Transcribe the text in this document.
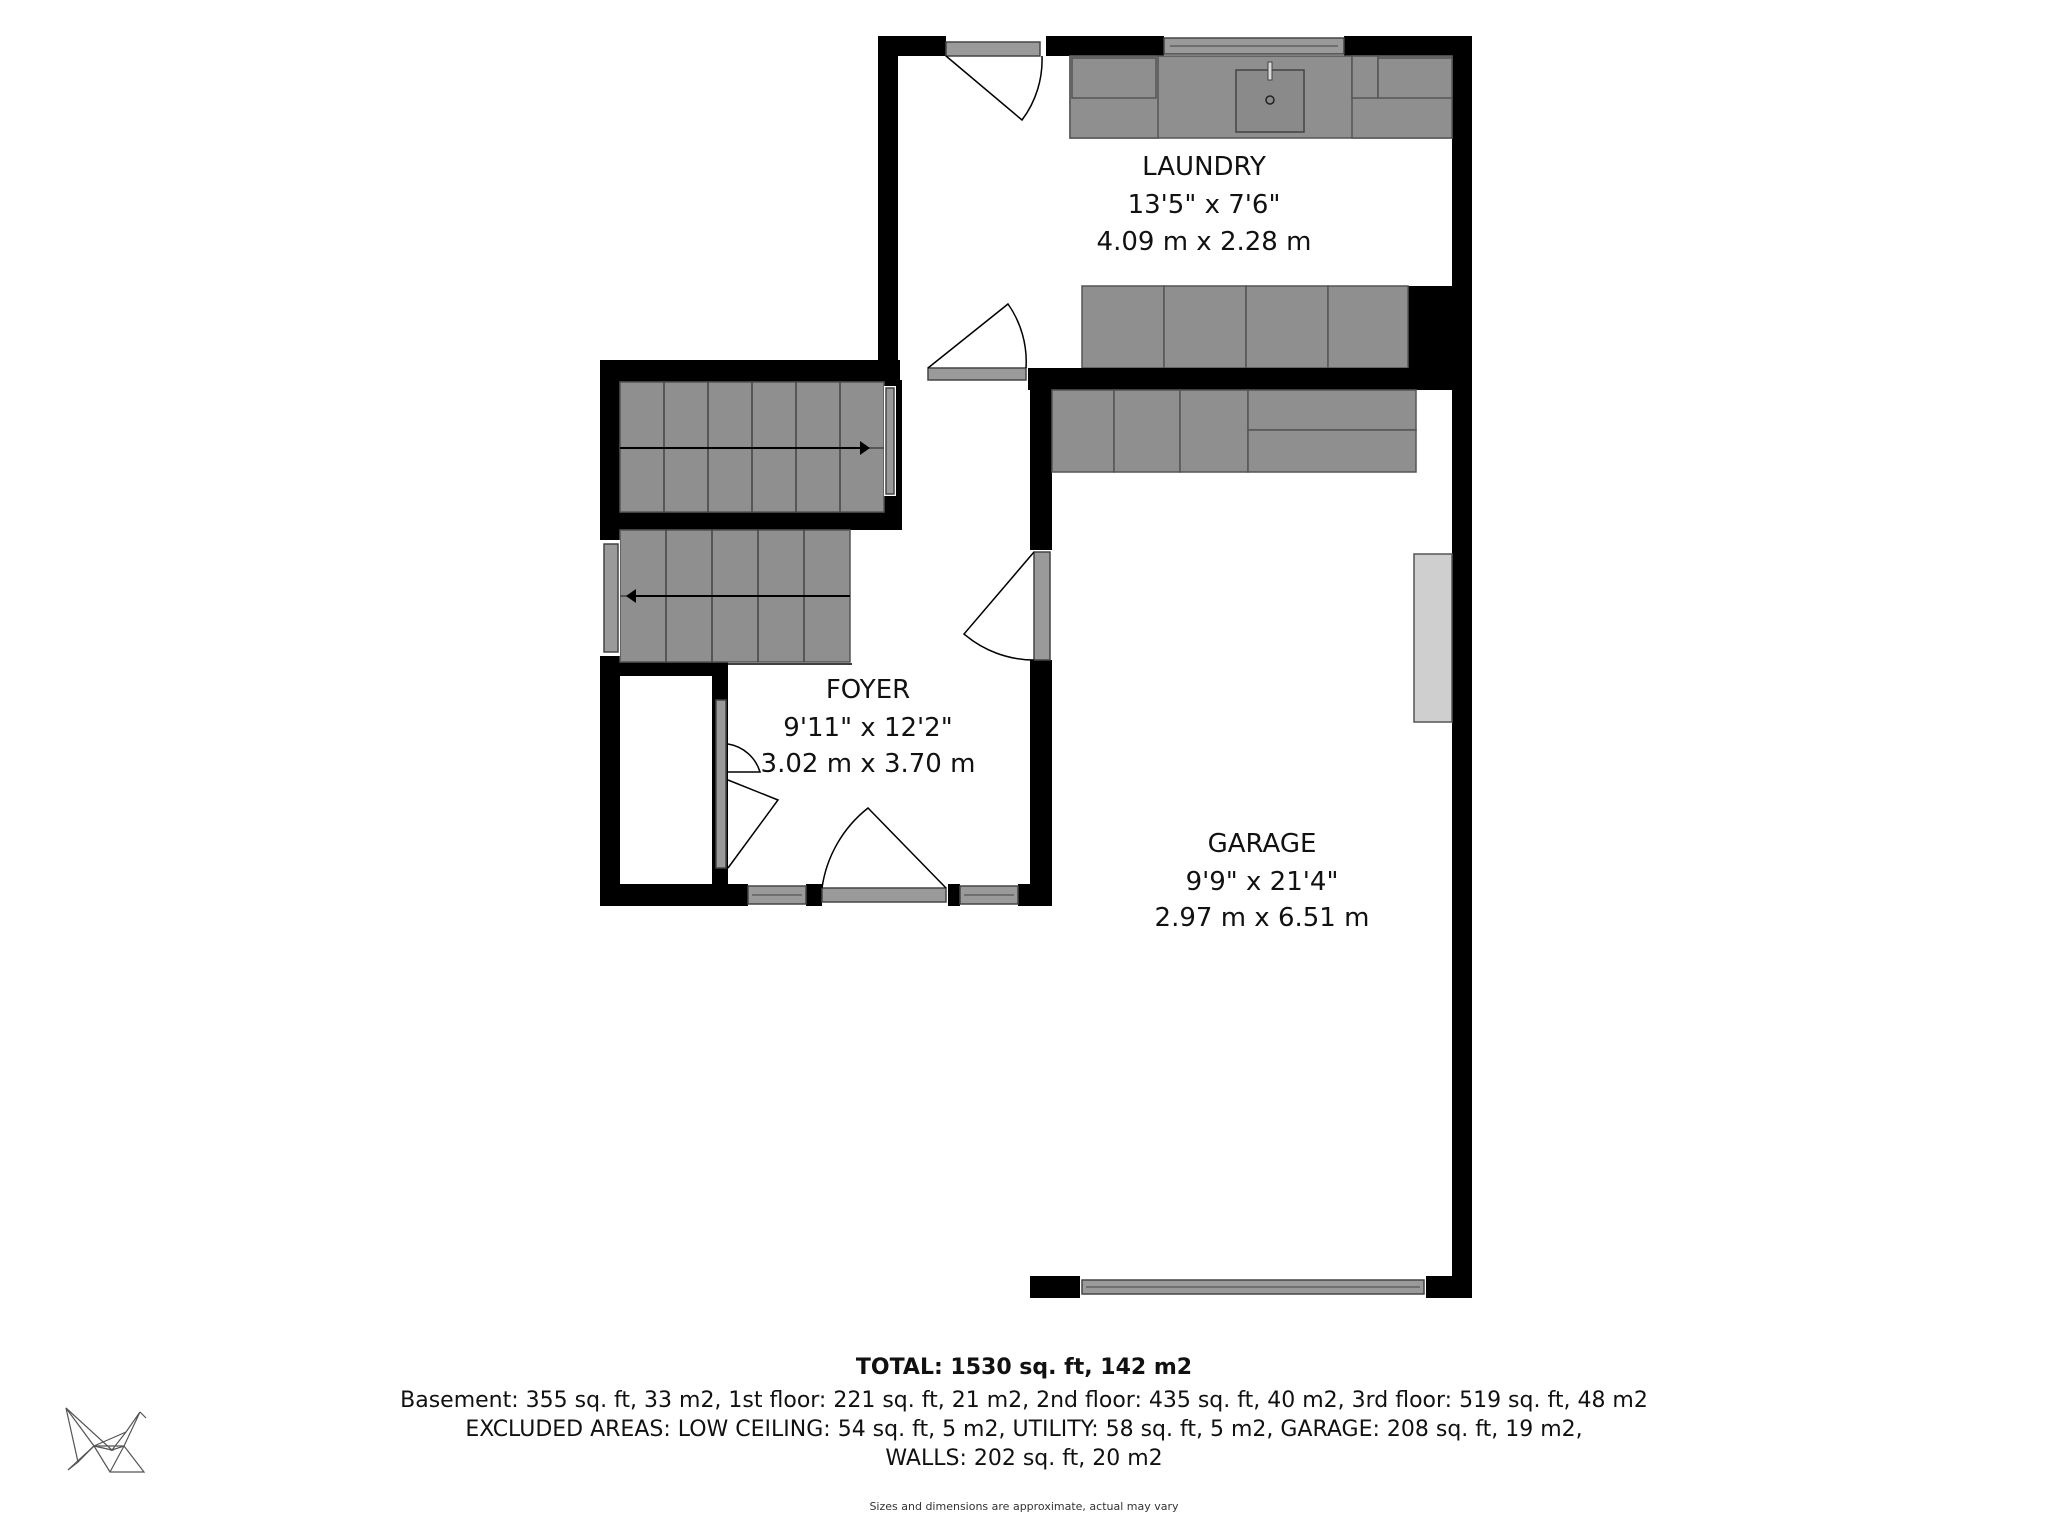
LAUNDRY
13'5" x 7'6"
4.09 m x 2.28 m
FOYER
9'11" x 12'2"
3.02 m x 3.70 m
GARAGE
9'9" x 21'4"
2.97 m x 6.51 m
TOTAL: 1530 sq. ft, 142 m2
Basement: 355 sq. ft, 33 m2, 1st floor: 221 sq. ft, 21 m2, 2nd floor: 435 sq. ft, 40 m2, 3rd floor: 519 sq. ft, 48 m2
EXCLUDED AREAS: LOW CEILING: 54 sq. ft, 5 m2, UTILITY: 58 sq. ft, 5 m2, GARAGE: 208 sq. ft, 19 m2,
WALLS: 202 sq. ft, 20 m2
Sizes and dimensions are approximate, actual may vary
